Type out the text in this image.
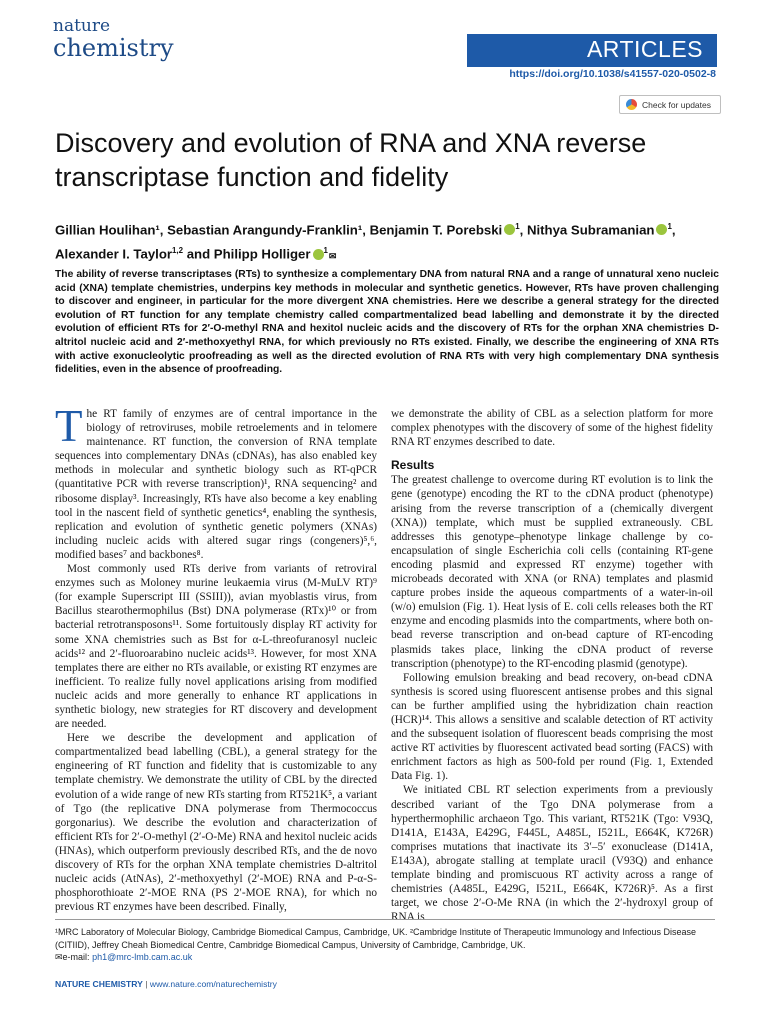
nature
chemistry	ARTICLES
https://doi.org/10.1038/s41557-020-0502-8
Check for updates
Discovery and evolution of RNA and XNA reverse transcriptase function and fidelity
Gillian Houlihan¹, Sebastian Arangundy-Franklin¹, Benjamin T. Porebski $^1$, Nithya Subramanian $^1$, Alexander I. Taylor$^{1,2}$ and Philipp Holliger $^1$✉
The ability of reverse transcriptases (RTs) to synthesize a complementary DNA from natural RNA and a range of unnatural xeno nucleic acid (XNA) template chemistries, underpins key methods in molecular and synthetic genetics. However, RTs have proven challenging to discover and engineer, in particular for the more divergent XNA chemistries. Here we describe a general strategy for the directed evolution of RT function for any template chemistry called compartmentalized bead labelling and demonstrate it by the directed evolution of efficient RTs for 2′-O-methyl RNA and hexitol nucleic acids and the discovery of RTs for the orphan XNA chemistries D-altritol nucleic acid and 2′-methoxyethyl RNA, for which previously no RTs existed. Finally, we describe the engineering of XNA RTs with active exonucleolytic proofreading as well as the directed evolution of RNA RTs with very high complementary DNA synthesis fidelities, even in the absence of proofreading.

The RT family of enzymes are of central importance in the biology of retroviruses, mobile retroelements and in telomere maintenance. RT function, the conversion of RNA template sequences into complementary DNAs (cDNAs), has also enabled key methods in molecular and synthetic biology such as RT-qPCR (quantitative PCR with reverse transcription)¹, RNA sequencing² and ribosome display³. Increasingly, RTs have also become a key enabling tool in the nascent field of synthetic genetics⁴, enabling the synthesis, replication and evolution of synthetic genetic polymers (XNAs) including nucleic acids with altered sugar rings (congeners)⁵,⁶, modified bases⁷ and backbones⁸.

Most commonly used RTs derive from variants of retroviral enzymes such as Moloney murine leukaemia virus (M-MuLV RT)⁹ (for example Superscript III (SSIII)), avian myoblastis virus, from Bacillus stearothermophilus (Bst) DNA polymerase (RTx)¹⁰ or from bacterial retrotransposons¹¹. Some fortuitously display RT activity for some XNA chemistries such as Bst for α-L-threofuranosyl nucleic acids¹² and 2′-fluoroarabino nucleic acids¹³. However, for most XNA templates there are either no RTs available, or existing RT enzymes are inefficient. To realize fully novel applications arising from modified nucleic acids and more generally to enhance RT applications in synthetic biology, new strategies for RT discovery and development are needed.

Here we describe the development and application of compartmentalized bead labelling (CBL), a general strategy for the engineering of RT function and fidelity that is customizable to any template chemistry. We demonstrate the utility of CBL by the directed evolution of a wide range of new RTs starting from RT521K⁵, a variant of Tgo (the replicative DNA polymerase from Thermococcus gorgonarius). We describe the evolution and characterization of efficient RTs for 2′-O-methyl (2′-O-Me) RNA and hexitol nucleic acids (HNAs), which outperform previously described RTs, and the de novo discovery of RTs for the orphan XNA template chemistries D-altritol nucleic acids (AtNAs), 2′-methoxyethyl (2′-MOE) RNA and P-α-S-phosphorothioate 2′-MOE RNA (PS 2′-MOE RNA), for which no previous RT enzymes have been described. Finally,

we demonstrate the ability of CBL as a selection platform for more complex phenotypes with the discovery of some of the highest fidelity RNA RT enzymes described to date.

Results

The greatest challenge to overcome during RT evolution is to link the gene (genotype) encoding the RT to the cDNA product (phenotype) arising from the reverse transcription of a (chemically divergent (XNA)) template, which must be supplied extraneously. CBL addresses this genotype–phenotype linkage challenge by co-encapsulation of single Escherichia coli cells (containing RT-gene encoding plasmid and expressed RT enzyme) together with microbeads decorated with XNA (or RNA) templates and plasmid capture probes inside the aqueous compartments of a water-in-oil (w/o) emulsion (Fig. 1). Heat lysis of E. coli cells releases both the RT enzyme and encoding plasmids into the compartments, where both on-bead reverse transcription and on-bead capture of RT-encoding plasmids takes place, linking the cDNA product of reverse transcription (phenotype) to the RT-encoding plasmid (genotype).

Following emulsion breaking and bead recovery, on-bead cDNA synthesis is scored using fluorescent antisense probes and this signal can be further amplified using the hybridization chain reaction (HCR)¹⁴. This allows a sensitive and scalable detection of RT activity and the subsequent isolation of fluorescent beads comprising the most active RT activities by fluorescent activated bead sorting (FACS) with enrichment factors as high as 500-fold per round (Fig. 1, Extended Data Fig. 1).

We initiated CBL RT selection experiments from a previously described variant of the Tgo DNA polymerase from a hyperthermophilic archaeon Tgo. This variant, RT521K (Tgo: V93Q, D141A, E143A, E429G, F445L, A485L, I521L, E664K, K726R) comprises mutations that inactivate its 3′–5′ exonuclease (D141A, E143A), abrogate stalling at template uracil (V93Q) and enhance template binding and promiscuous RT activity across a range of chemistries (A485L, E429G, I521L, E664K, K726R)⁵. As a first target, we chose 2′-O-Me RNA (in which the 2′-hydroxyl group of RNA is

¹MRC Laboratory of Molecular Biology, Cambridge Biomedical Campus, Cambridge, UK. ²Cambridge Institute of Therapeutic Immunology and Infectious Disease (CITIID), Jeffrey Cheah Biomedical Centre, Cambridge Biomedical Campus, University of Cambridge, Cambridge, UK.
✉e-mail: ph1@mrc-lmb.cam.ac.uk
NATURE CHEMISTRY | www.nature.com/naturechemistry
